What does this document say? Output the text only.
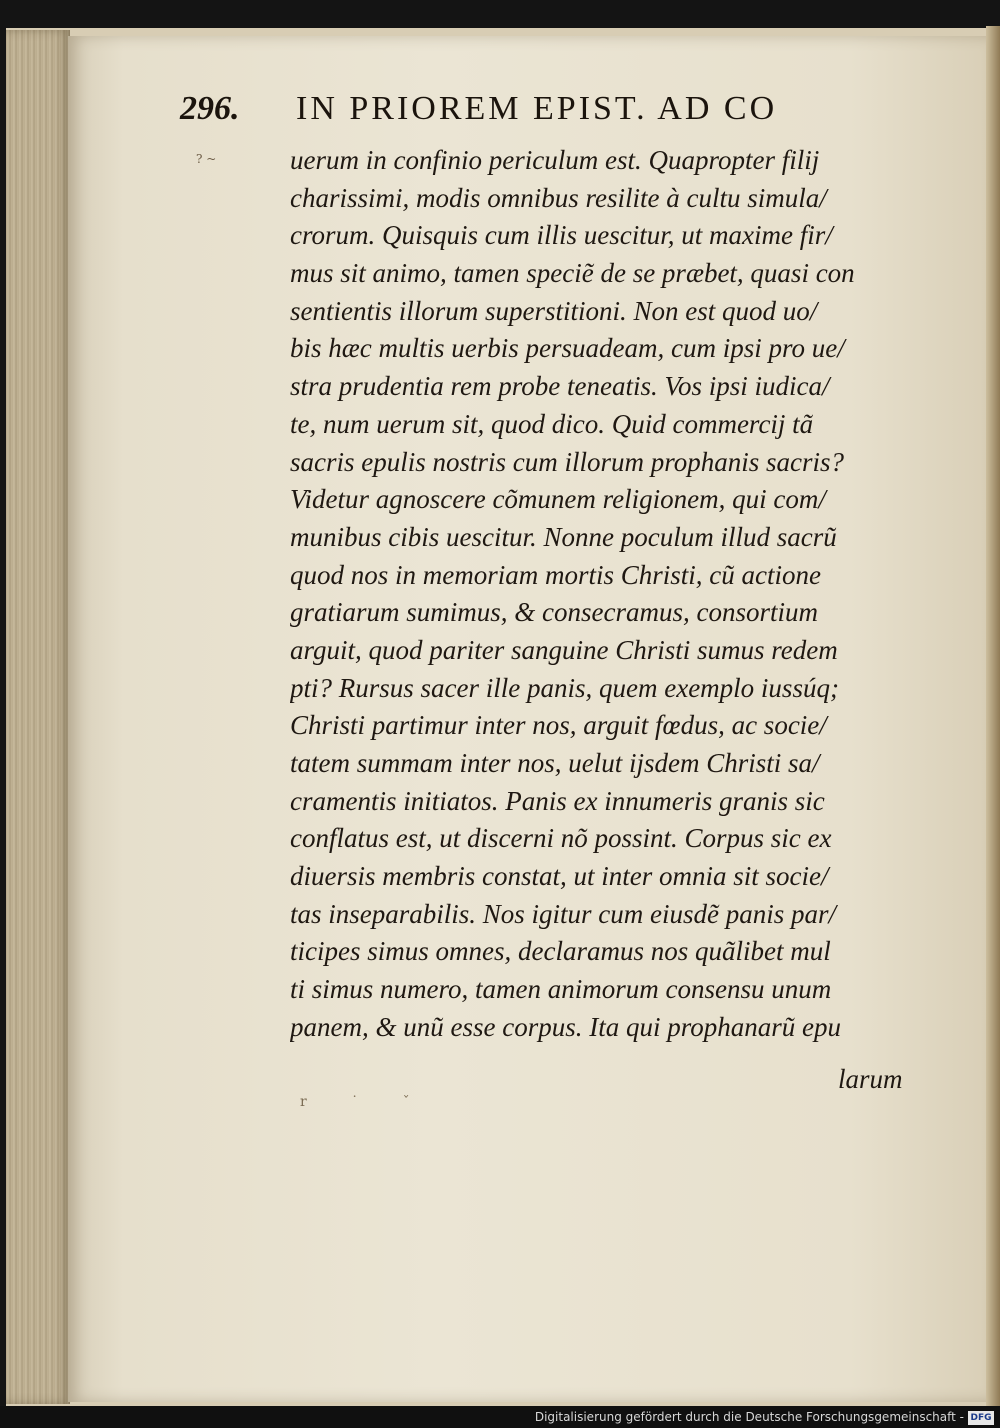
296. IN PRIOREM EPIST. AD CO
? ~	uerum in confinio periculum est. Quapropter filij
charissimi, modis omnibus resilite à cultu simula/
crorum. Quisquis cum illis uescitur, ut maxime fir/
mus sit animo, tamen speciẽ de se præbet, quasi con
sentientis illorum superstitioni. Non est quod uo/
bis hæc multis uerbis persuadeam, cum ipsi pro ue/
stra prudentia rem probe teneatis. Vos ipsi iudica/
te, num uerum sit, quod dico. Quid commercij tã
sacris epulis nostris cum illorum prophanis sacris?
Videtur agnoscere cõmunem religionem, qui com/
munibus cibis uescitur. Nonne poculum illud sacrũ
quod nos in memoriam mortis Christi, cũ actione
gratiarum sumimus, & consecramus, consortium
arguit, quod pariter sanguine Christi sumus redem
pti? Rursus sacer ille panis, quem exemplo iussúq;
Christi partimur inter nos, arguit fœdus, ac socie/
tatem summam inter nos, uelut ijsdem Christi sa/
cramentis initiatos. Panis ex innumeris granis sic
conflatus est, ut discerni nõ possint. Corpus sic ex
diuersis membris constat, ut inter omnia sit socie/
tas inseparabilis. Nos igitur cum eiusdẽ panis par/
ticipes simus omnes, declaramus nos quãlibet mul
ti simus numero, tamen animorum consensu unum
panem, & unũ esse corpus. Ita qui prophanarũ epu
larum
r ˙ ˇ
Digitalisierung gefördert durch die Deutsche Forschungsgemeinschaft - DFG
